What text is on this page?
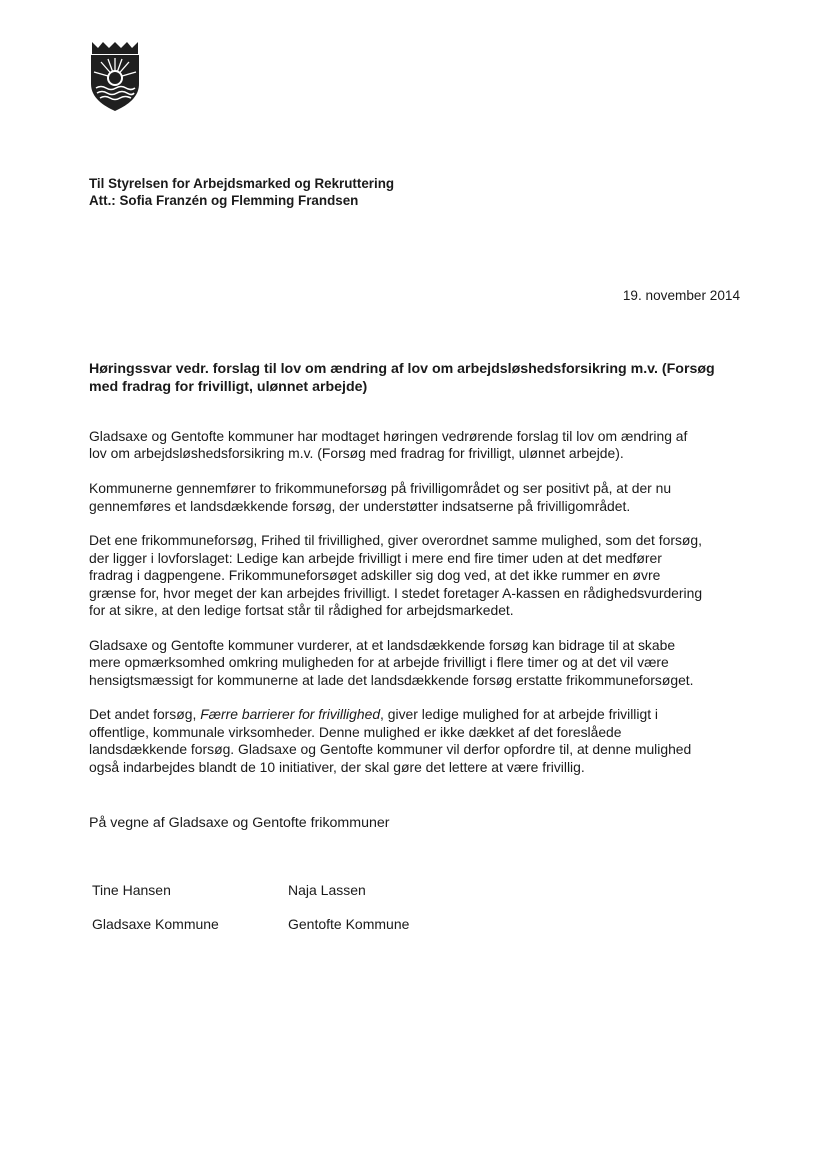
Til Styrelsen for Arbejdsmarked og Rekruttering
Att.: Sofia Franzén og Flemming Frandsen
19. november 2014
Høringssvar vedr. forslag til lov om ændring af lov om arbejdsløshedsforsikring m.v. (Forsøg
med fradrag for frivilligt, ulønnet arbejde)

Gladsaxe og Gentofte kommuner har modtaget høringen vedrørende forslag til lov om ændring af
lov om arbejdsløshedsforsikring m.v. (Forsøg med fradrag for frivilligt, ulønnet arbejde).

Kommunerne gennemfører to frikommuneforsøg på frivilligområdet og ser positivt på, at der nu
gennemføres et landsdækkende forsøg, der understøtter indsatserne på frivilligområdet.

Det ene frikommuneforsøg, Frihed til frivillighed, giver overordnet samme mulighed, som det forsøg,
der ligger i lovforslaget: Ledige kan arbejde frivilligt i mere end fire timer uden at det medfører
fradrag i dagpengene. Frikommuneforsøget adskiller sig dog ved, at det ikke rummer en øvre
grænse for, hvor meget der kan arbejdes frivilligt. I stedet foretager A-kassen en rådighedsvurdering
for at sikre, at den ledige fortsat står til rådighed for arbejdsmarkedet.

Gladsaxe og Gentofte kommuner vurderer, at et landsdækkende forsøg kan bidrage til at skabe
mere opmærksomhed omkring muligheden for at arbejde frivilligt i flere timer og at det vil være
hensigtsmæssigt for kommunerne at lade det landsdækkende forsøg erstatte frikommuneforsøget.

Det andet forsøg, Færre barrierer for frivillighed, giver ledige mulighed for at arbejde frivilligt i
offentlige, kommunale virksomheder. Denne mulighed er ikke dækket af det foreslåede
landsdækkende forsøg. Gladsaxe og Gentofte kommuner vil derfor opfordre til, at denne mulighed
også indarbejdes blandt de 10 initiativer, der skal gøre det lettere at være frivillig.

På vegne af Gladsaxe og Gentofte frikommuner
Tine Hansen	Naja Lassen
Gladsaxe Kommune	Gentofte Kommune
